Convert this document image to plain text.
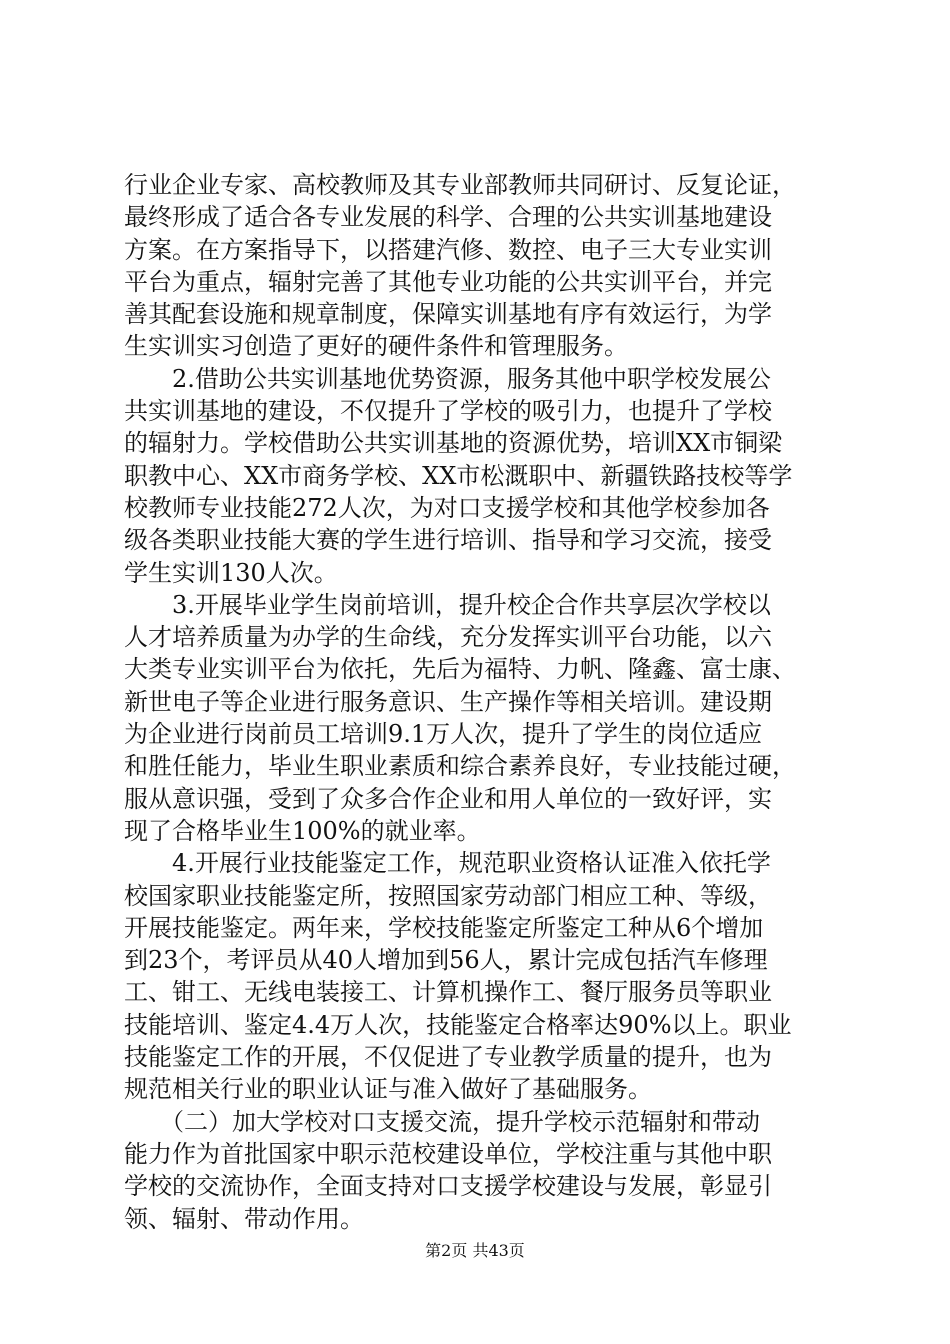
行业企业专家、高校教师及其专业部教师共同研讨、反复论证，
最终形成了适合各专业发展的科学、合理的公共实训基地建设
方案。在方案指导下，以搭建汽修、数控、电子三大专业实训
平台为重点，辐射完善了其他专业功能的公共实训平台，并完
善其配套设施和规章制度，保障实训基地有序有效运行，为学
生实训实习创造了更好的硬件条件和管理服务。
　　2.借助公共实训基地优势资源，服务其他中职学校发展公
共实训基地的建设，不仅提升了学校的吸引力，也提升了学校
的辐射力。学校借助公共实训基地的资源优势，培训XX市铜梁
职教中心、XX市商务学校、XX市松溉职中、新疆铁路技校等学
校教师专业技能272人次，为对口支援学校和其他学校参加各
级各类职业技能大赛的学生进行培训、指导和学习交流，接受
学生实训130人次。
　　3.开展毕业学生岗前培训，提升校企合作共享层次学校以
人才培养质量为办学的生命线，充分发挥实训平台功能，以六
大类专业实训平台为依托，先后为福特、力帆、隆鑫、富士康、
新世电子等企业进行服务意识、生产操作等相关培训。建设期
为企业进行岗前员工培训9.1万人次，提升了学生的岗位适应
和胜任能力，毕业生职业素质和综合素养良好，专业技能过硬，
服从意识强，受到了众多合作企业和用人单位的一致好评，实
现了合格毕业生100%的就业率。
　　4.开展行业技能鉴定工作，规范职业资格认证准入依托学
校国家职业技能鉴定所，按照国家劳动部门相应工种、等级，
开展技能鉴定。两年来，学校技能鉴定所鉴定工种从6个增加
到23个，考评员从40人增加到56人，累计完成包括汽车修理
工、钳工、无线电装接工、计算机操作工、餐厅服务员等职业
技能培训、鉴定4.4万人次，技能鉴定合格率达90%以上。职业
技能鉴定工作的开展，不仅促进了专业教学质量的提升，也为
规范相关行业的职业认证与准入做好了基础服务。
　　（二）加大学校对口支援交流，提升学校示范辐射和带动
能力作为首批国家中职示范校建设单位，学校注重与其他中职
学校的交流协作，全面支持对口支援学校建设与发展，彰显引
领、辐射、带动作用。
第2页 共43页
